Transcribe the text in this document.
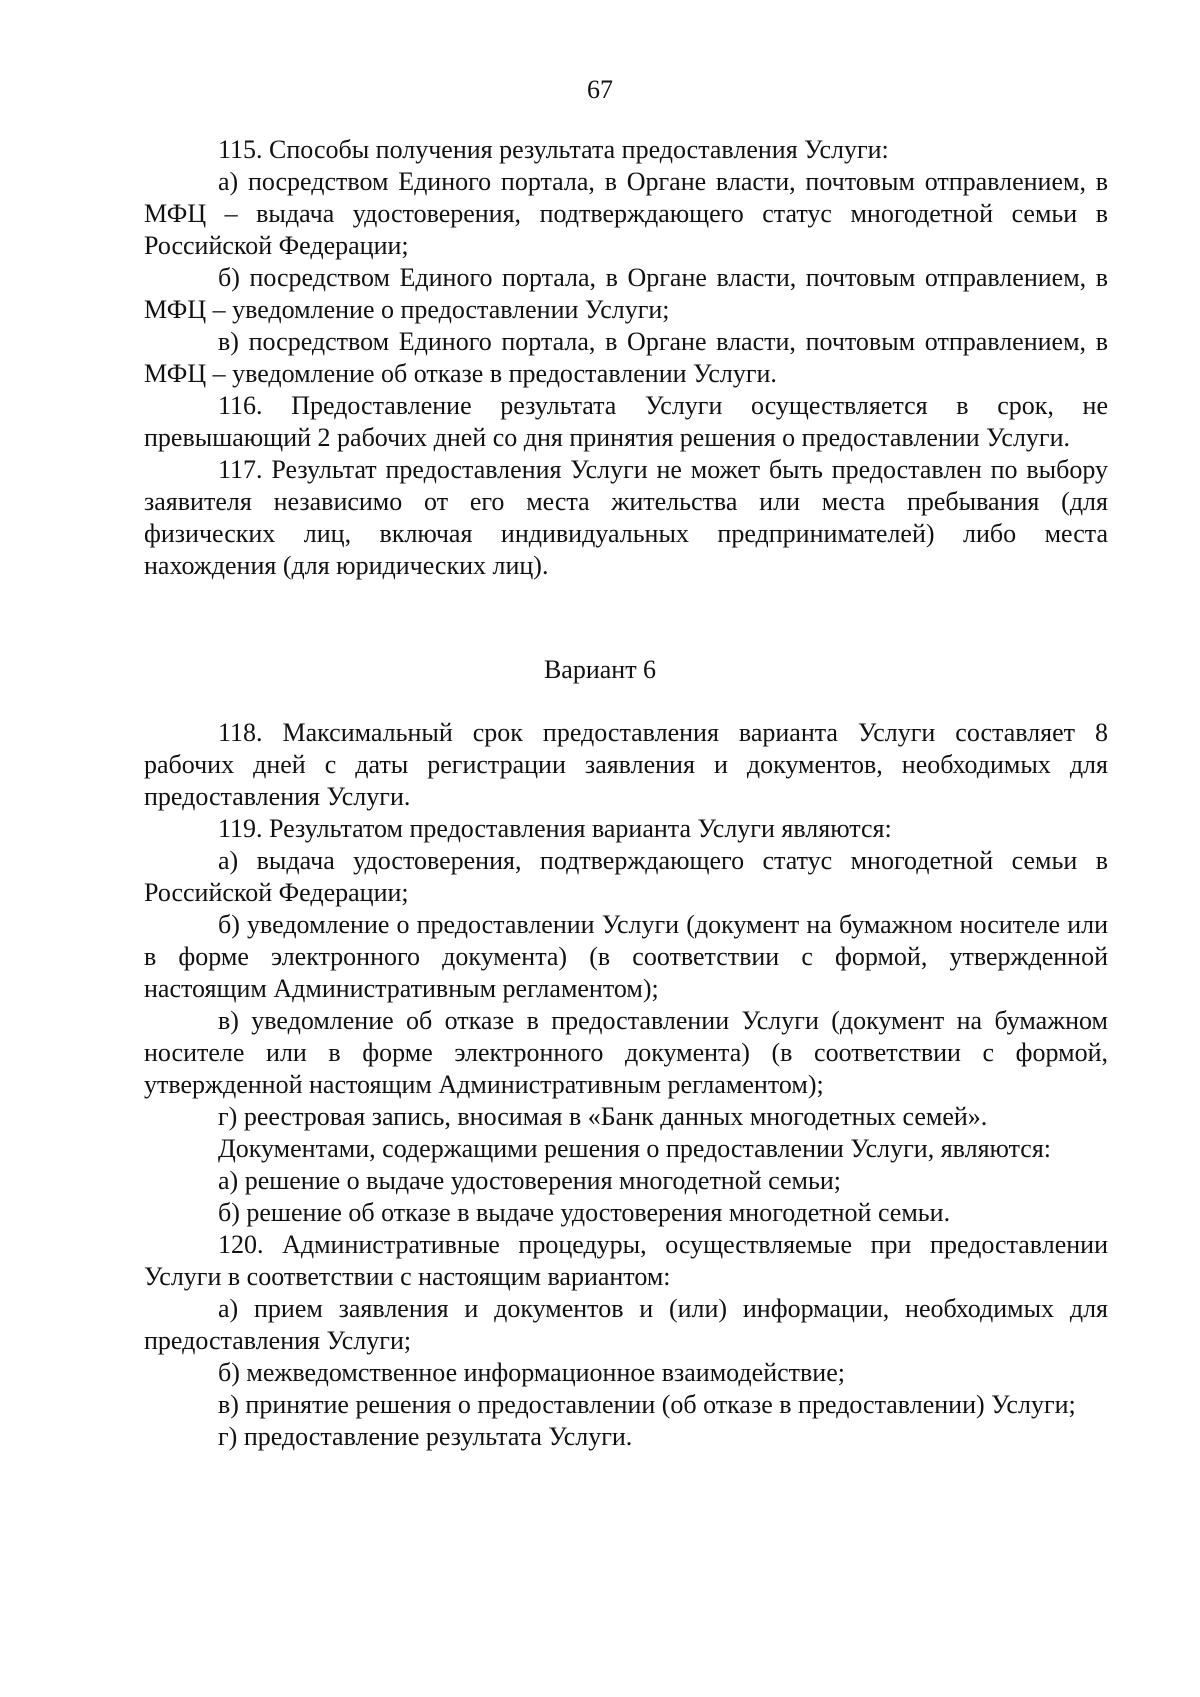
67

115. Способы получения результата предоставления Услуги:

а) посредством Единого портала, в Органе власти, почтовым отправлением, в МФЦ – выдача удостоверения, подтверждающего статус многодетной семьи в Российской Федерации;

б) посредством Единого портала, в Органе власти, почтовым отправлением, в МФЦ – уведомление о предоставлении Услуги;

в) посредством Единого портала, в Органе власти, почтовым отправлением, в МФЦ – уведомление об отказе в предоставлении Услуги.

116. Предоставление результата Услуги осуществляется в срок, не превышающий 2 рабочих дней со дня принятия решения о предоставлении Услуги.

117. Результат предоставления Услуги не может быть предоставлен по выбору заявителя независимо от его места жительства или места пребывания (для физических лиц, включая индивидуальных предпринимателей) либо места нахождения (для юридических лиц).

Вариант 6

118. Максимальный срок предоставления варианта Услуги составляет 8 рабочих дней с даты регистрации заявления и документов, необходимых для предоставления Услуги.

119. Результатом предоставления варианта Услуги являются:

а) выдача удостоверения, подтверждающего статус многодетной семьи в Российской Федерации;

б) уведомление о предоставлении Услуги (документ на бумажном носителе или в форме электронного документа) (в соответствии с формой, утвержденной настоящим Административным регламентом);

в) уведомление об отказе в предоставлении Услуги (документ на бумажном носителе или в форме электронного документа) (в соответствии с формой, утвержденной настоящим Административным регламентом);

г) реестровая запись, вносимая в «Банк данных многодетных семей».

Документами, содержащими решения о предоставлении Услуги, являются:

а) решение о выдаче удостоверения многодетной семьи;

б) решение об отказе в выдаче удостоверения многодетной семьи.

120. Административные процедуры, осуществляемые при предоставлении Услуги в соответствии с настоящим вариантом:

а) прием заявления и документов и (или) информации, необходимых для предоставления Услуги;

б) межведомственное информационное взаимодействие;

в) принятие решения о предоставлении (об отказе в предоставлении) Услуги;

г) предоставление результата Услуги.
